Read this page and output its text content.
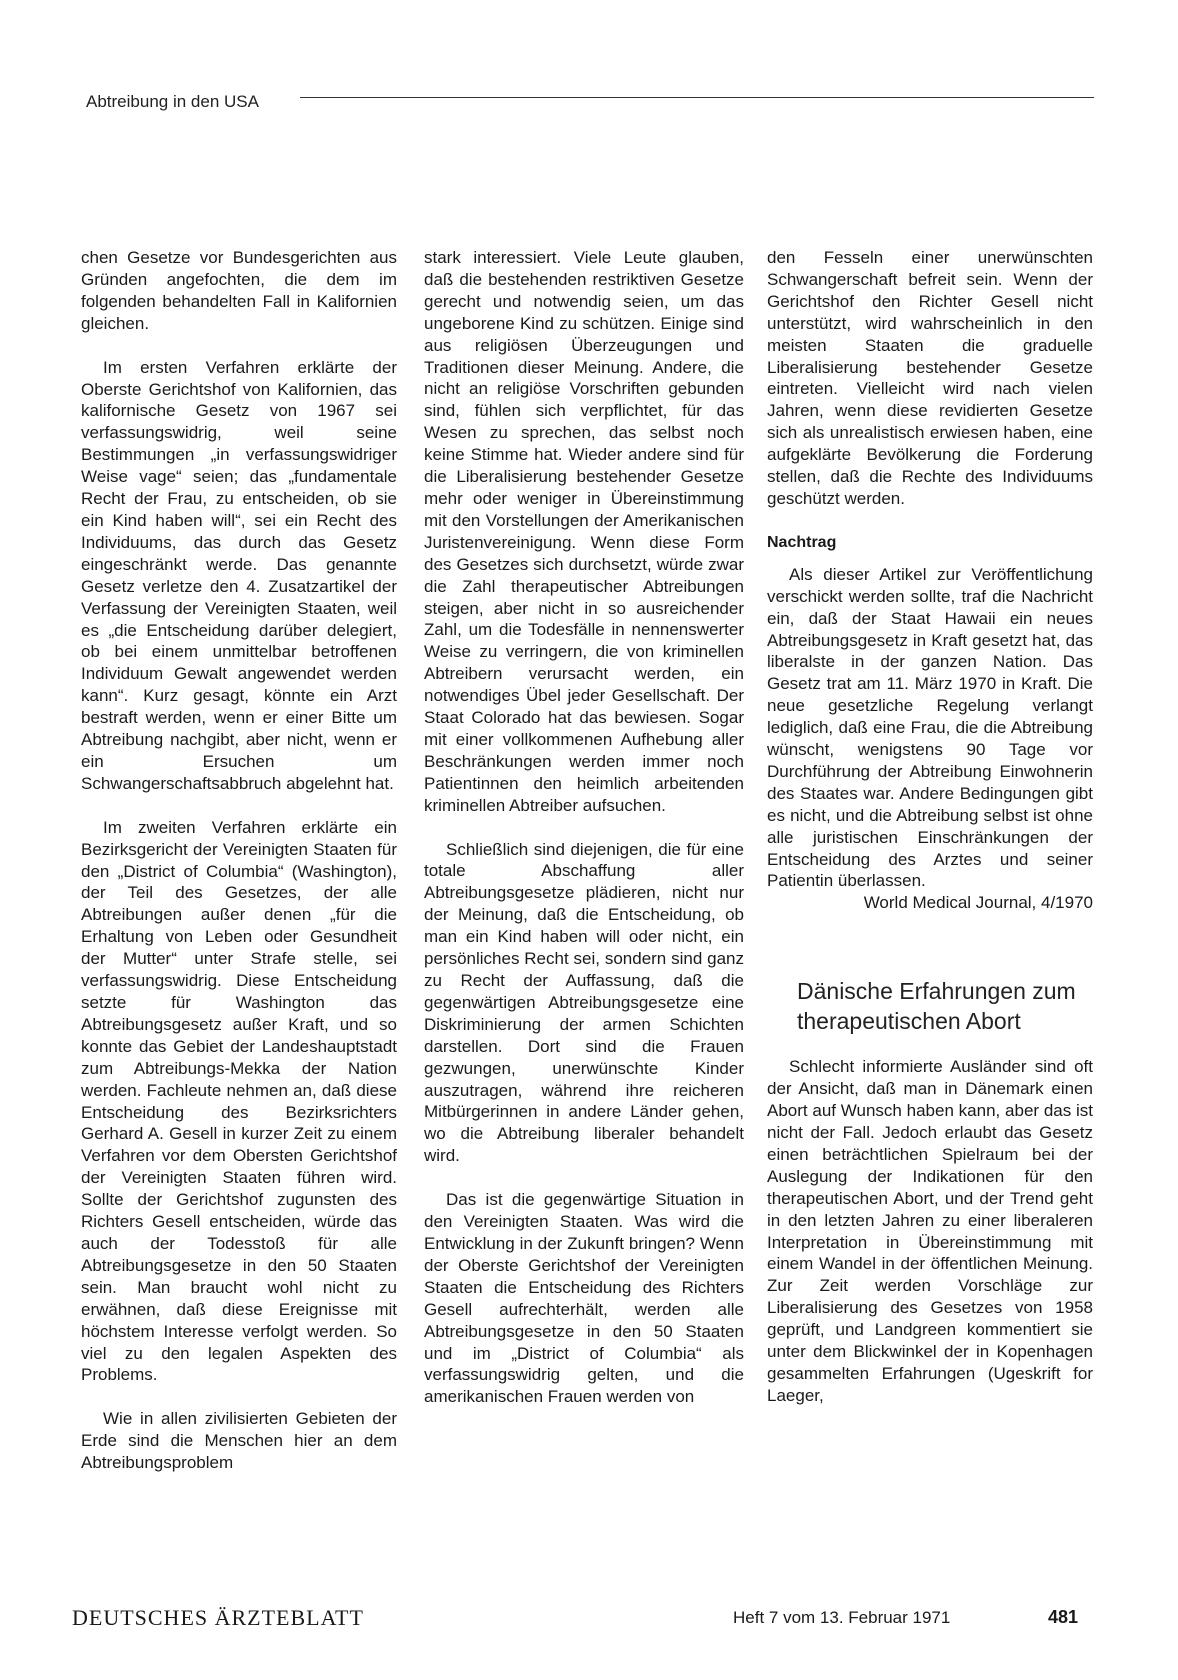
Abtreibung in den USA

chen Gesetze vor Bundesgerichten aus Gründen angefochten, die dem im folgenden behandelten Fall in Kalifornien gleichen.

Im ersten Verfahren erklärte der Oberste Gerichtshof von Kalifornien, das kalifornische Gesetz von 1967 sei verfassungswidrig, weil seine Bestimmungen „in verfassungswidriger Weise vage“ seien; das „fundamentale Recht der Frau, zu entscheiden, ob sie ein Kind haben will“, sei ein Recht des Individuums, das durch das Gesetz eingeschränkt werde. Das genannte Gesetz verletze den 4. Zusatzartikel der Verfassung der Vereinigten Staaten, weil es „die Entscheidung darüber delegiert, ob bei einem unmittelbar betroffenen Individuum Gewalt angewendet werden kann“. Kurz gesagt, könnte ein Arzt bestraft werden, wenn er einer Bitte um Abtreibung nachgibt, aber nicht, wenn er ein Ersuchen um Schwangerschaftsabbruch abgelehnt hat.

Im zweiten Verfahren erklärte ein Bezirksgericht der Vereinigten Staaten für den „District of Columbia“ (Washington), der Teil des Gesetzes, der alle Abtreibungen außer denen „für die Erhaltung von Leben oder Gesundheit der Mutter“ unter Strafe stelle, sei verfassungswidrig. Diese Entscheidung setzte für Washington das Abtreibungsgesetz außer Kraft, und so konnte das Gebiet der Landeshauptstadt zum Abtreibungs-Mekka der Nation werden. Fachleute nehmen an, daß diese Entscheidung des Bezirksrichters Gerhard A. Gesell in kurzer Zeit zu einem Verfahren vor dem Obersten Gerichtshof der Vereinigten Staaten führen wird. Sollte der Gerichtshof zugunsten des Richters Gesell entscheiden, würde das auch der Todesstoß für alle Abtreibungsgesetze in den 50 Staaten sein. Man braucht wohl nicht zu erwähnen, daß diese Ereignisse mit höchstem Interesse verfolgt werden. So viel zu den legalen Aspekten des Problems.

Wie in allen zivilisierten Gebieten der Erde sind die Menschen hier an dem Abtreibungsproblem

stark interessiert. Viele Leute glauben, daß die bestehenden restriktiven Gesetze gerecht und notwendig seien, um das ungeborene Kind zu schützen. Einige sind aus religiösen Überzeugungen und Traditionen dieser Meinung. Andere, die nicht an religiöse Vorschriften gebunden sind, fühlen sich verpflichtet, für das Wesen zu sprechen, das selbst noch keine Stimme hat. Wieder andere sind für die Liberalisierung bestehender Gesetze mehr oder weniger in Übereinstimmung mit den Vorstellungen der Amerikanischen Juristenvereinigung. Wenn diese Form des Gesetzes sich durchsetzt, würde zwar die Zahl therapeutischer Abtreibungen steigen, aber nicht in so ausreichender Zahl, um die Todesfälle in nennenswerter Weise zu verringern, die von kriminellen Abtreibern verursacht werden, ein notwendiges Übel jeder Gesellschaft. Der Staat Colorado hat das bewiesen. Sogar mit einer vollkommenen Aufhebung aller Beschränkungen werden immer noch Patientinnen den heimlich arbeitenden kriminellen Abtreiber aufsuchen.

Schließlich sind diejenigen, die für eine totale Abschaffung aller Abtreibungsgesetze plädieren, nicht nur der Meinung, daß die Entscheidung, ob man ein Kind haben will oder nicht, ein persönliches Recht sei, sondern sind ganz zu Recht der Auffassung, daß die gegenwärtigen Abtreibungsgesetze eine Diskriminierung der armen Schichten darstellen. Dort sind die Frauen gezwungen, unerwünschte Kinder auszutragen, während ihre reicheren Mitbürgerinnen in andere Länder gehen, wo die Abtreibung liberaler behandelt wird.

Das ist die gegenwärtige Situation in den Vereinigten Staaten. Was wird die Entwicklung in der Zukunft bringen? Wenn der Oberste Gerichtshof der Vereinigten Staaten die Entscheidung des Richters Gesell aufrechterhält, werden alle Abtreibungsgesetze in den 50 Staaten und im „District of Columbia“ als verfassungswidrig gelten, und die amerikanischen Frauen werden von

den Fesseln einer unerwünschten Schwangerschaft befreit sein. Wenn der Gerichtshof den Richter Gesell nicht unterstützt, wird wahrscheinlich in den meisten Staaten die graduelle Liberalisierung bestehender Gesetze eintreten. Vielleicht wird nach vielen Jahren, wenn diese revidierten Gesetze sich als unrealistisch erwiesen haben, eine aufgeklärte Bevölkerung die Forderung stellen, daß die Rechte des Individuums geschützt werden.

Nachtrag

Als dieser Artikel zur Veröffentlichung verschickt werden sollte, traf die Nachricht ein, daß der Staat Hawaii ein neues Abtreibungsgesetz in Kraft gesetzt hat, das liberalste in der ganzen Nation. Das Gesetz trat am 11. März 1970 in Kraft. Die neue gesetzliche Regelung verlangt lediglich, daß eine Frau, die die Abtreibung wünscht, wenigstens 90 Tage vor Durchführung der Abtreibung Einwohnerin des Staates war. Andere Bedingungen gibt es nicht, und die Abtreibung selbst ist ohne alle juristischen Einschränkungen der Entscheidung des Arztes und seiner Patientin überlassen.

World Medical Journal, 4/1970

Dänische Erfahrungen zum therapeutischen Abort

Schlecht informierte Ausländer sind oft der Ansicht, daß man in Dänemark einen Abort auf Wunsch haben kann, aber das ist nicht der Fall. Jedoch erlaubt das Gesetz einen beträchtlichen Spielraum bei der Auslegung der Indikationen für den therapeutischen Abort, und der Trend geht in den letzten Jahren zu einer liberaleren Interpretation in Übereinstimmung mit einem Wandel in der öffentlichen Meinung. Zur Zeit werden Vorschläge zur Liberalisierung des Gesetzes von 1958 geprüft, und Landgreen kommentiert sie unter dem Blickwinkel der in Kopenhagen gesammelten Erfahrungen (Ugeskrift for Laeger,

DEUTSCHES ÄRZTEBLATT	Heft 7 vom 13. Februar 1971	481
